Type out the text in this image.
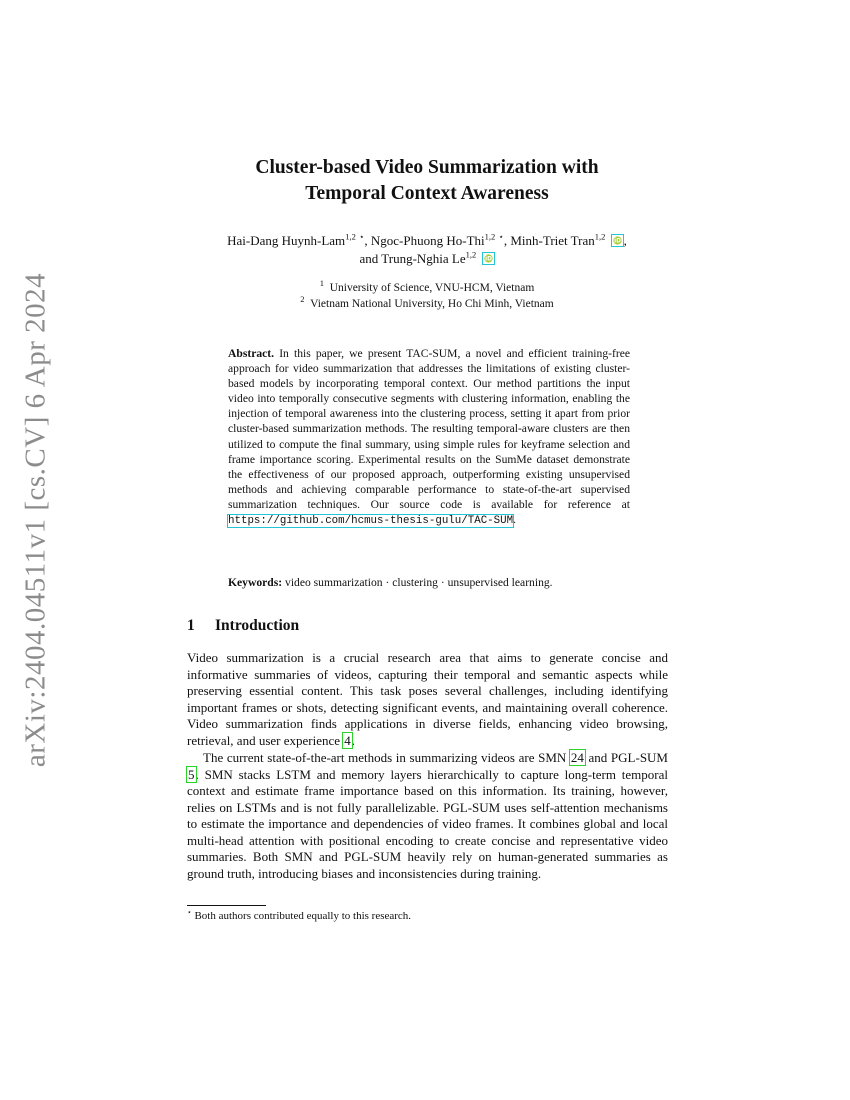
arXiv:2404.04511v1 [cs.CV] 6 Apr 2024
Cluster-based Video Summarization with
Temporal Context Awareness
Hai-Dang Huynh-Lam$^{1,2}$ ⋆, Ngoc-Phuong Ho-Thi$^{1,2}$ ⋆, Minh-Triet Tran$^{1,2}$ iD ,
and Trung-Nghia Le$^{1,2}$ iD
$^1$ University of Science, VNU-HCM, Vietnam
$^2$ Vietnam National University, Ho Chi Minh, Vietnam
Abstract. In this paper, we present TAC-SUM, a novel and efficient training-free approach for video summarization that addresses the limitations of existing cluster-based models by incorporating temporal context. Our method partitions the input video into temporally consecutive segments with clustering information, enabling the injection of temporal awareness into the clustering process, setting it apart from prior cluster-based summarization methods. The resulting temporal-aware clusters are then utilized to compute the final summary, using simple rules for keyframe selection and frame importance scoring. Experimental results on the SumMe dataset demonstrate the effectiveness of our proposed approach, outperforming existing unsupervised methods and achieving comparable performance to state-of-the-art supervised summarization techniques. Our source code is available for reference at https://github.com/hcmus-thesis-gulu/TAC-SUM.
Keywords: video summarization · clustering · unsupervised learning.
1 Introduction
Video summarization is a crucial research area that aims to generate concise and informative summaries of videos, capturing their temporal and semantic aspects while preserving essential content. This task poses several challenges, including identifying important frames or shots, detecting significant events, and maintaining overall coherence. Video summarization finds applications in diverse fields, enhancing video browsing, retrieval, and user experience 4.
The current state-of-the-art methods in summarizing videos are SMN 24 and PGL-SUM 5. SMN stacks LSTM and memory layers hierarchically to capture long-term temporal context and estimate frame importance based on this information. Its training, however, relies on LSTMs and is not fully parallelizable. PGL-SUM uses self-attention mechanisms to estimate the importance and dependencies of video frames. It combines global and local multi-head attention with positional encoding to create concise and representative video summaries. Both SMN and PGL-SUM heavily rely on human-generated summaries as ground truth, introducing biases and inconsistencies during training.
⋆ Both authors contributed equally to this research.
